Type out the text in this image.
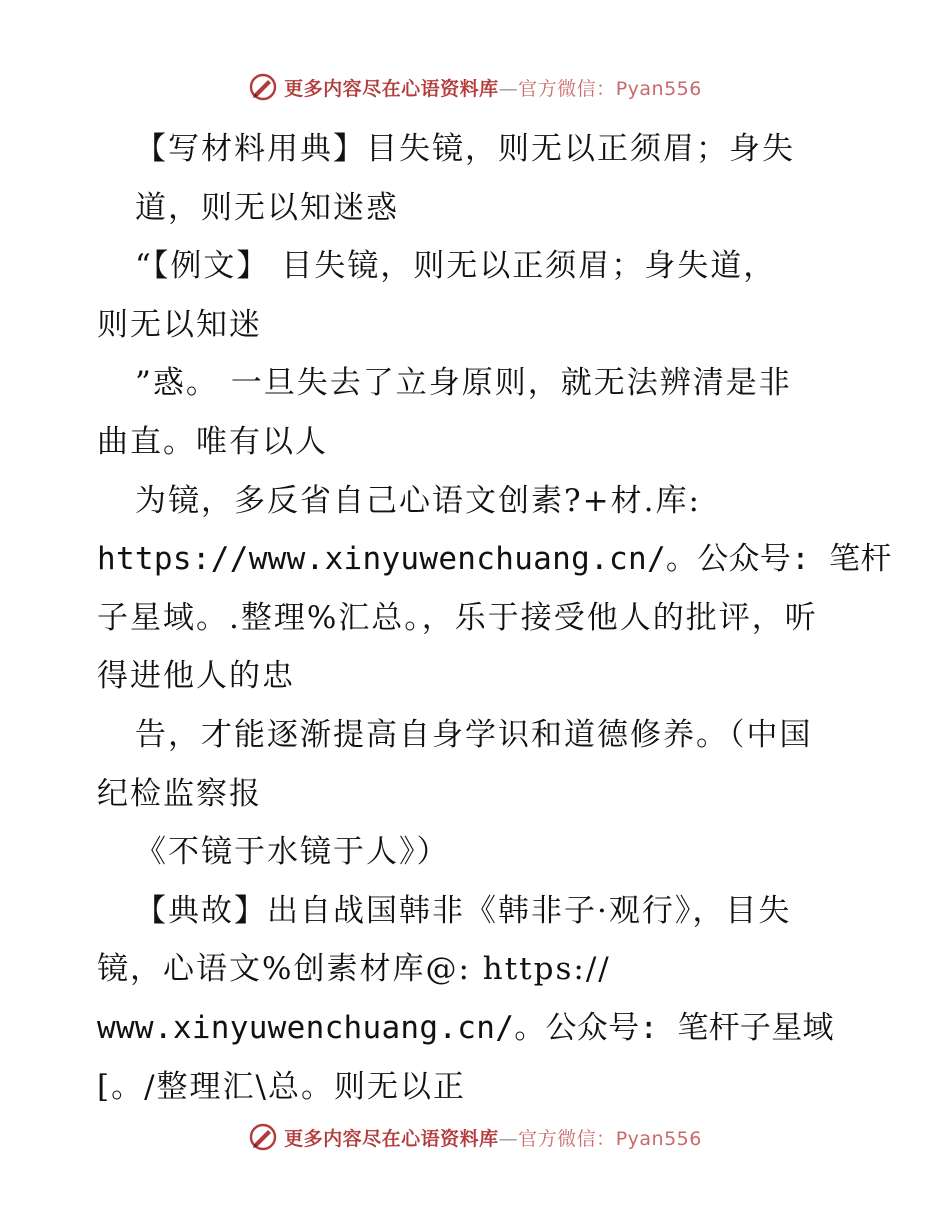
更多内容尽在心语资料库—官方微信：Pyan556
【写材料用典】目失镜，则无以正须眉；身失
道，则无以知迷惑
“【例文】 目失镜，则无以正须眉；身失道，
则无以知迷
”惑。 一旦失去了立身原则，就无法辨清是非
曲直。唯有以人
为镜，多反省自己心语文创素?+材.库:
https://www.xinyuwenchuang.cn/。公众号: 笔杆
子星域。.整理%汇总。，乐于接受他人的批评，听
得进他人的忠
告，才能逐渐提高自身学识和道德修养。（中国
纪检监察报
《不镜于水镜于人》）
【典故】出自战国韩非《韩非子·观行》，目失
镜，心语文%创素材库@: https://
www.xinyuwenchuang.cn/。公众号: 笔杆子星域
[。/整理汇\总。则无以正
更多内容尽在心语资料库—官方微信：Pyan556
